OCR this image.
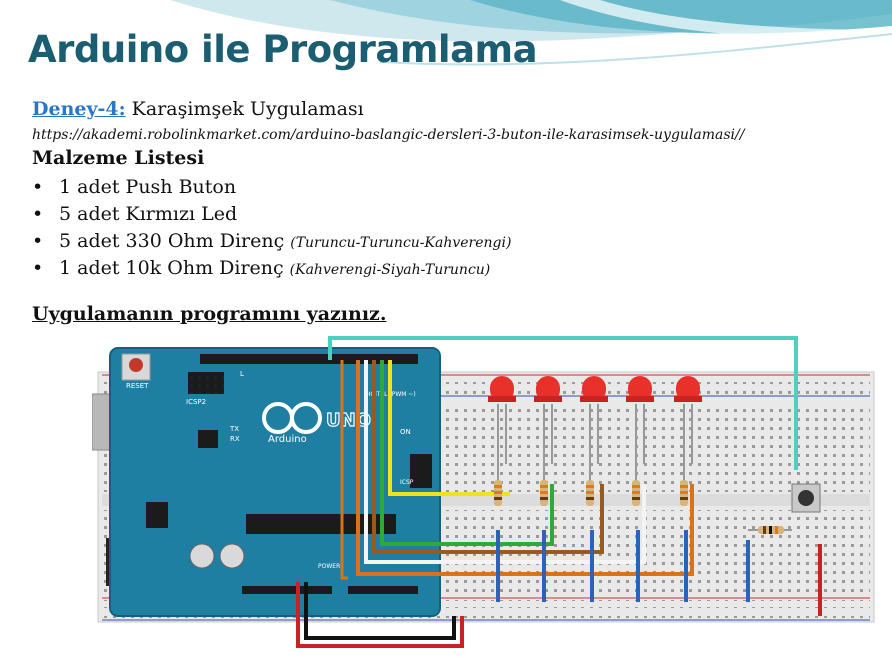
Arduino ile Programlama
Deney-4: Karaşimşek Uygulaması
https://akademi.robolinkmarket.com/arduino-baslangic-dersleri-3-buton-ile-karasimsek-uygulamasi//
Malzeme Listesi
• 1 adet Push Buton
• 5 adet Kırmızı Led
• 5 adet 330 Ohm Direnç (Turuncu-Turuncu-Kahverengi)
• 1 adet 10k Ohm Direnç (Kahverengi-Siyah-Turuncu)
Uygulamanın programını yazınız.
RESET
ICSP2
L
TX
RX
DIGITAL (PWM ~)
UNO
Arduino
ON
ICSP
POWER
